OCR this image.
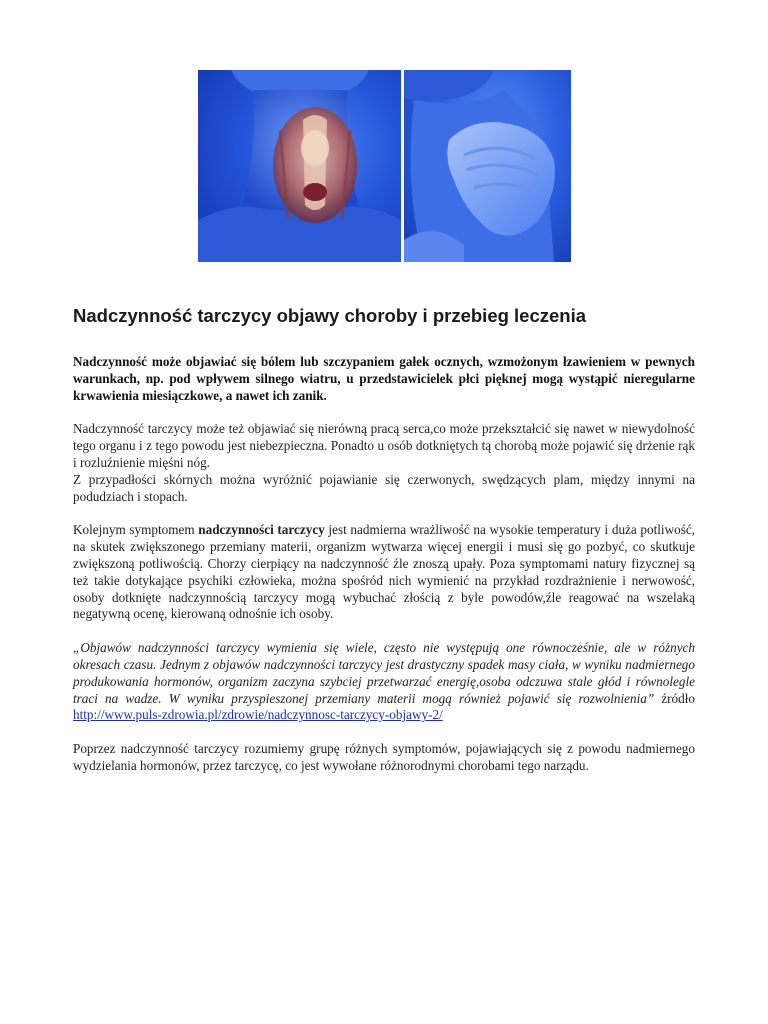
Nadczynność tarczycy objawy choroby i przebieg leczenia

Nadczynność może objawiać się bólem lub szczypaniem gałek ocznych, wzmożonym łzawieniem w pewnych warunkach, np. pod wpływem silnego wiatru, u przedstawicielek płci pięknej mogą wystąpić nieregularne krwawienia miesiączkowe, a nawet ich zanik.

Nadczynność tarczycy może też objawiać się nierówną pracą serca,co może przekształcić się nawet w niewydolność tego organu i z tego powodu jest niebezpieczna. Ponadto u osób dotkniętych tą chorobą może pojawić się drżenie rąk i rozluźnienie mięśni nóg.

Z przypadłości skórnych można wyróżnić pojawianie się czerwonych, swędzących plam, między innymi na podudziach i stopach.

Kolejnym symptomem nadczynności tarczycy jest nadmierna wrażliwość na wysokie temperatury i duża potliwość, na skutek zwiększonego przemiany materii, organizm wytwarza więcej energii i musi się go pozbyć, co skutkuje zwiększoną potliwością. Chorzy cierpiący na nadczynność źle znoszą upały. Poza symptomami natury fizycznej są też takie dotykające psychiki człowieka, można spośród nich wymienić na przykład rozdrażnienie i nerwowość, osoby dotknięte nadczynnością tarczycy mogą wybuchać złością z byle powodów,źle reagować na wszelaką negatywną ocenę, kierowaną odnośnie ich osoby.

„Objawów nadczynności tarczycy wymienia się wiele, często nie występują one równocześnie, ale w różnych okresach czasu. Jednym z objawów nadczynności tarczycy jest drastyczny spadek masy ciała, w wyniku nadmiernego produkowania hormonów, organizm zaczyna szybciej przetwarzać energię,osoba odczuwa stale głód i równolegle traci na wadze. W wyniku przyspieszonej przemiany materii mogą również pojawić się rozwolnienia” źródło http://www.puls-zdrowia.pl/zdrowie/nadczynnosc-tarczycy-objawy-2/

Poprzez nadczynność tarczycy rozumiemy grupę różnych symptomów, pojawiających się z powodu nadmiernego wydzielania hormonów, przez tarczycę, co jest wywołane różnorodnymi chorobami tego narządu.
